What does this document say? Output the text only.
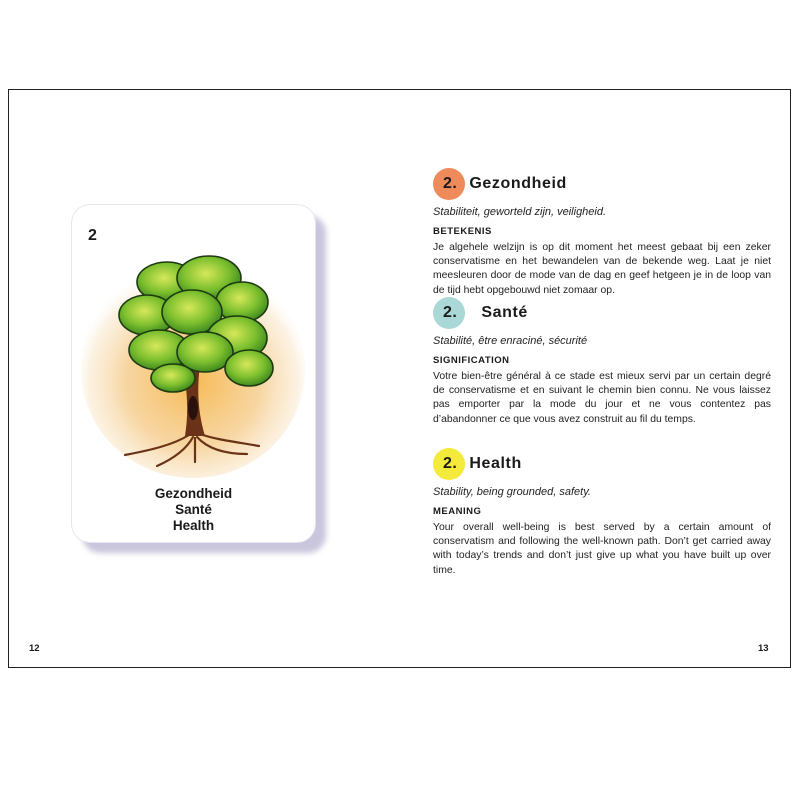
2
Gezondheid
Santé
Health
2. Gezondheid
Stabiliteit, geworteld zijn, veiligheid.
BETEKENIS
Je algehele welzijn is op dit moment het meest gebaat bij een zeker conservatisme en het bewandelen van de bekende weg. Laat je niet meesleuren door de mode van de dag en geef hetgeen je in de loop van de tijd hebt opgebouwd niet zomaar op.
2. Santé
Stabilité, être enraciné, sécurité
SIGNIFICATION
Votre bien-être général à ce stade est mieux servi par un certain degré de conservatisme et en suivant le chemin bien connu. Ne vous laissez pas emporter par la mode du jour et ne vous contentez pas d’abandonner ce que vous avez construit au fil du temps.
2. Health
Stability, being grounded, safety.
MEANING
Your overall well-being is best served by a certain amount of conservatism and following the well-known path. Don’t get carried away with today’s trends and don’t just give up what you have built up over time.
12	13
